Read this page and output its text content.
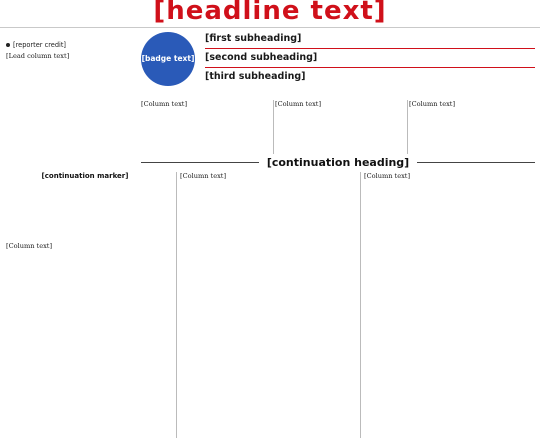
[headline text]
[reporter credit]

[Lead column text]	[badge text]
[first subheading]
[second subheading]
[third subheading]

[Column text]	[Column text]	[Column text]

[continuation heading]
[continuation marker]

[Column text]

[Column text]	[Column text]
